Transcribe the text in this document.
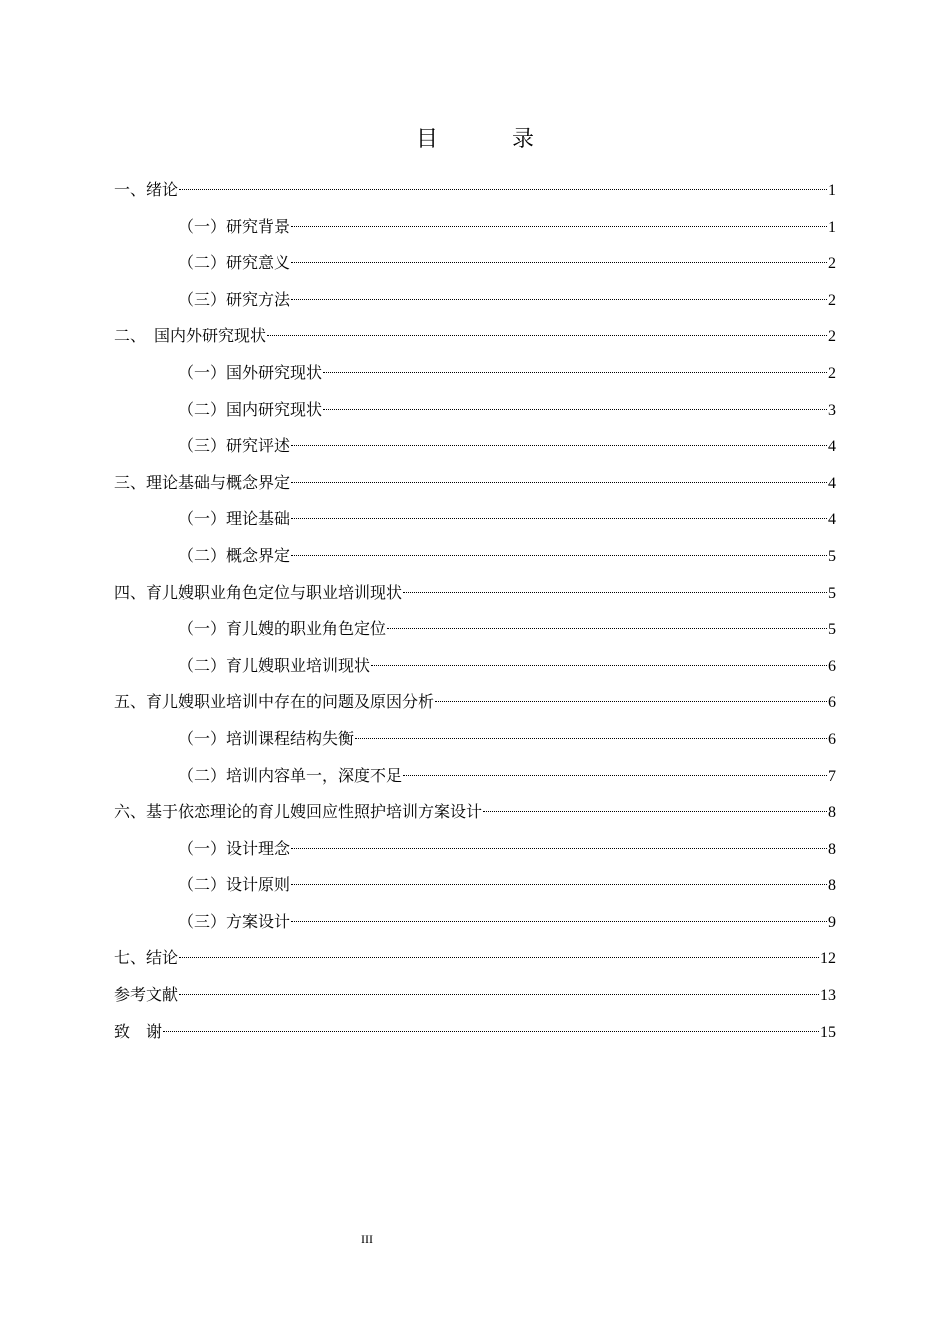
目　录
一、绪论	1
（一）研究背景	1
（二）研究意义	2
（三）研究方法	2
二、　国内外研究现状	2
（一）国外研究现状	2
（二）国内研究现状	3
（三）研究评述	4
三、理论基础与概念界定	4
（一）理论基础	4
（二）概念界定	5
四、育儿嫂职业角色定位与职业培训现状	5
（一）育儿嫂的职业角色定位	5
（二）育儿嫂职业培训现状	6
五、育儿嫂职业培训中存在的问题及原因分析	6
（一）培训课程结构失衡	6
（二）培训内容单一，深度不足	7
六、基于依恋理论的育儿嫂回应性照护培训方案设计	8
（一）设计理念	8
（二）设计原则	8
（三）方案设计	9
七、结论	12
参考文献	13
致　谢	15
III
